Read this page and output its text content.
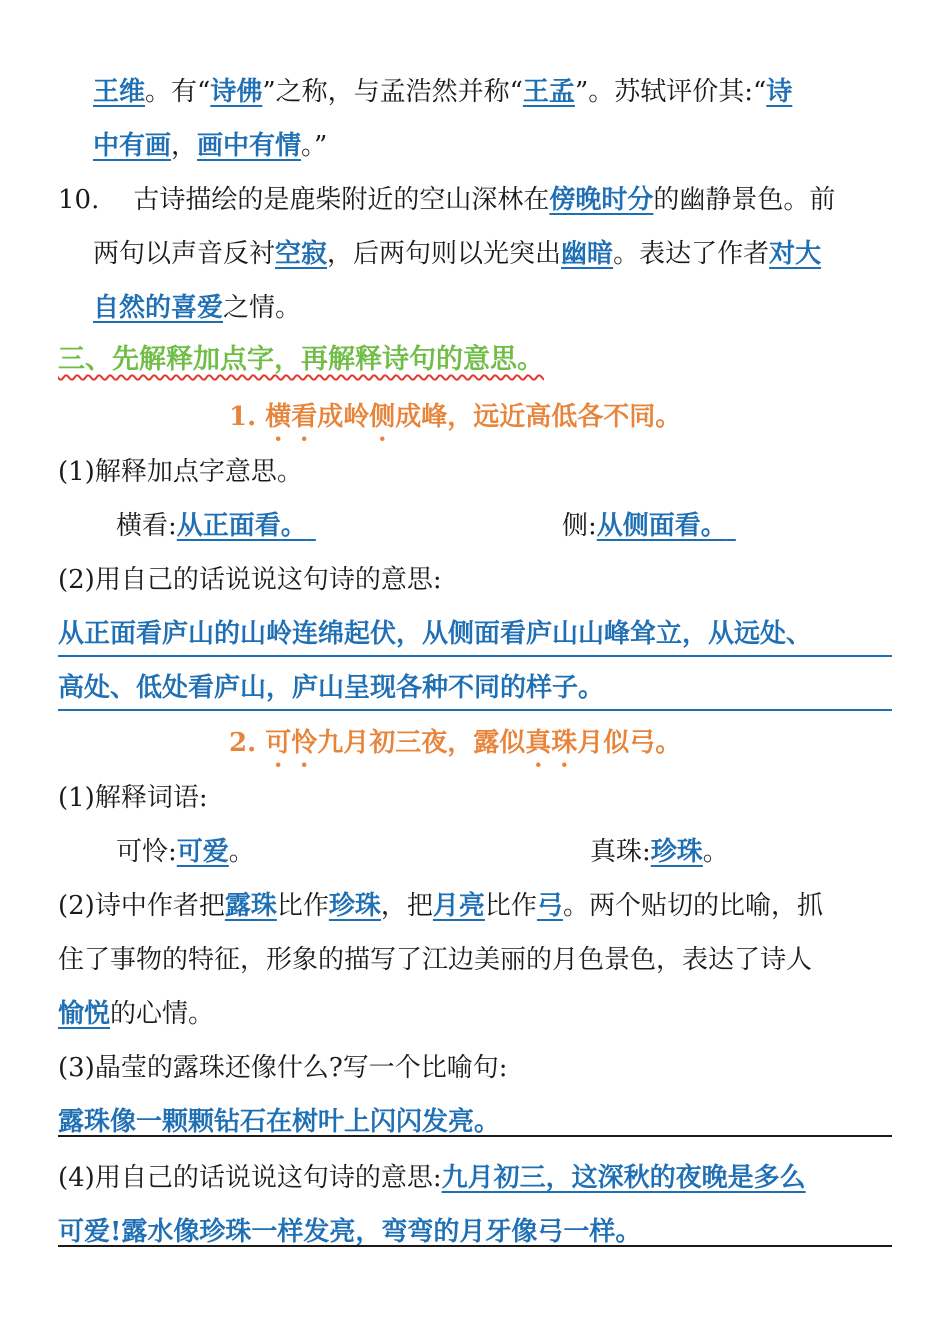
王维。有“诗佛”之称，与孟浩然并称“王孟”。苏轼评价其:“诗
中有画，画中有情。”
10. 古诗描绘的是鹿柴附近的空山深林在傍晚时分的幽静景色。前
两句以声音反衬空寂，后两句则以光突出幽暗。表达了作者对大
自然的喜爱之情。
三、先解释加点字，再解释诗句的意思。
1. 横看成岭侧成峰，远近高低各不同。
(1)解释加点字意思。
横看:从正面看。	侧:从侧面看。
(2)用自己的话说说这句诗的意思:
从正面看庐山的山岭连绵起伏，从侧面看庐山山峰耸立，从远处、
高处、低处看庐山，庐山呈现各种不同的样子。
2. 可怜九月初三夜，露似真珠月似弓。
(1)解释词语:
可怜:可爱。	真珠:珍珠。
(2)诗中作者把露珠比作珍珠，把月亮比作弓。两个贴切的比喻，抓
住了事物的特征，形象的描写了江边美丽的月色景色，表达了诗人
愉悦的心情。
(3)晶莹的露珠还像什么?写一个比喻句:
露珠像一颗颗钻石在树叶上闪闪发亮。
(4)用自己的话说说这句诗的意思:九月初三，这深秋的夜晚是多么
可爱!露水像珍珠一样发亮，弯弯的月牙像弓一样。
